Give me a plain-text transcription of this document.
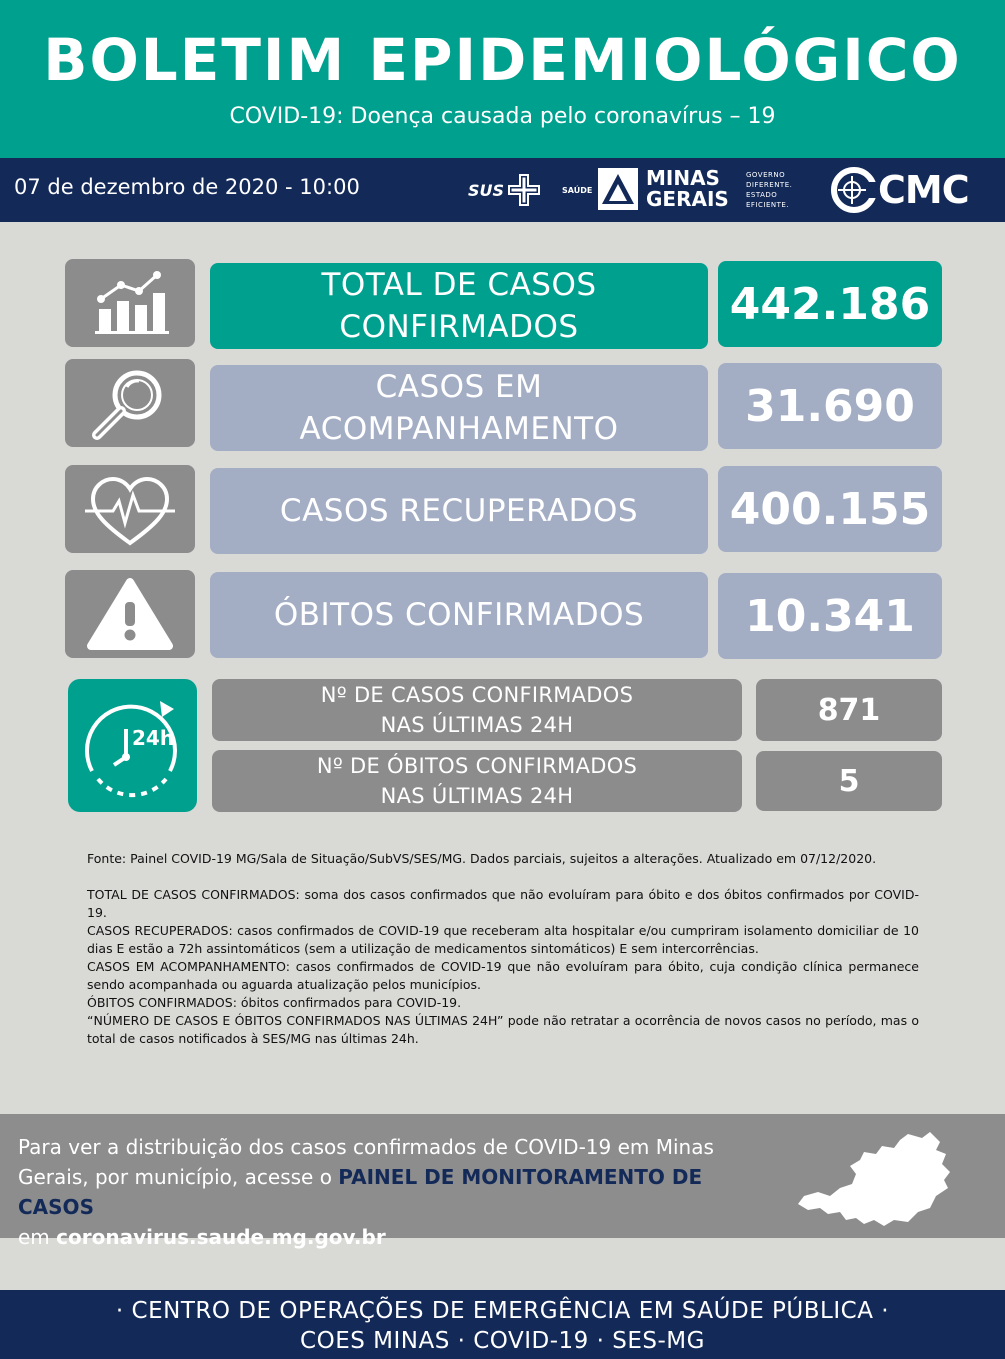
BOLETIM EPIDEMIOLÓGICO
COVID-19: Doença causada pelo coronavírus – 19
07 de dezembro de 2020 - 10:00	SUS	SAÚDE
MINAS
GERAIS
GOVERNO
DIFERENTE.
ESTADO
EFICIENTE. CMC
TOTAL DE CASOS
CONFIRMADOS	442.186
CASOS EM
ACOMPANHAMENTO	31.690
CASOS RECUPERADOS 400.155
ÓBITOS CONFIRMADOS	10.341
24h
Nº DE CASOS CONFIRMADOS
NAS ÚLTIMAS 24H	871
Nº DE ÓBITOS CONFIRMADOS
NAS ÚLTIMAS 24H	5

Fonte: Painel COVID-19 MG/Sala de Situação/SubVS/SES/MG. Dados parciais, sujeitos a alterações. Atualizado em 07/12/2020.

TOTAL DE CASOS CONFIRMADOS: soma dos casos confirmados que não evoluíram para óbito e dos óbitos confirmados por COVID-19.

CASOS RECUPERADOS: casos confirmados de COVID-19 que receberam alta hospitalar e/ou cumpriram isolamento domiciliar de 10 dias E estão a 72h assintomáticos (sem a utilização de medicamentos sintomáticos) E sem intercorrências.

CASOS EM ACOMPANHAMENTO: casos confirmados de COVID-19 que não evoluíram para óbito, cuja condição clínica permanece sendo acompanhada ou aguarda atualização pelos municípios.

ÓBITOS CONFIRMADOS: óbitos confirmados para COVID-19.

“NÚMERO DE CASOS E ÓBITOS CONFIRMADOS NAS ÚLTIMAS 24H” pode não retratar a ocorrência de novos casos no período, mas o total de casos notificados à SES/MG nas últimas 24h.

Para ver a distribuição dos casos confirmados de COVID-19 em Minas Gerais, por município, acesse o PAINEL DE MONITORAMENTO DE CASOS
em coronavirus.saude.mg.gov.br
· CENTRO DE OPERAÇÕES DE EMERGÊNCIA EM SAÚDE PÚBLICA ·
COES MINAS · COVID-19 · SES-MG
